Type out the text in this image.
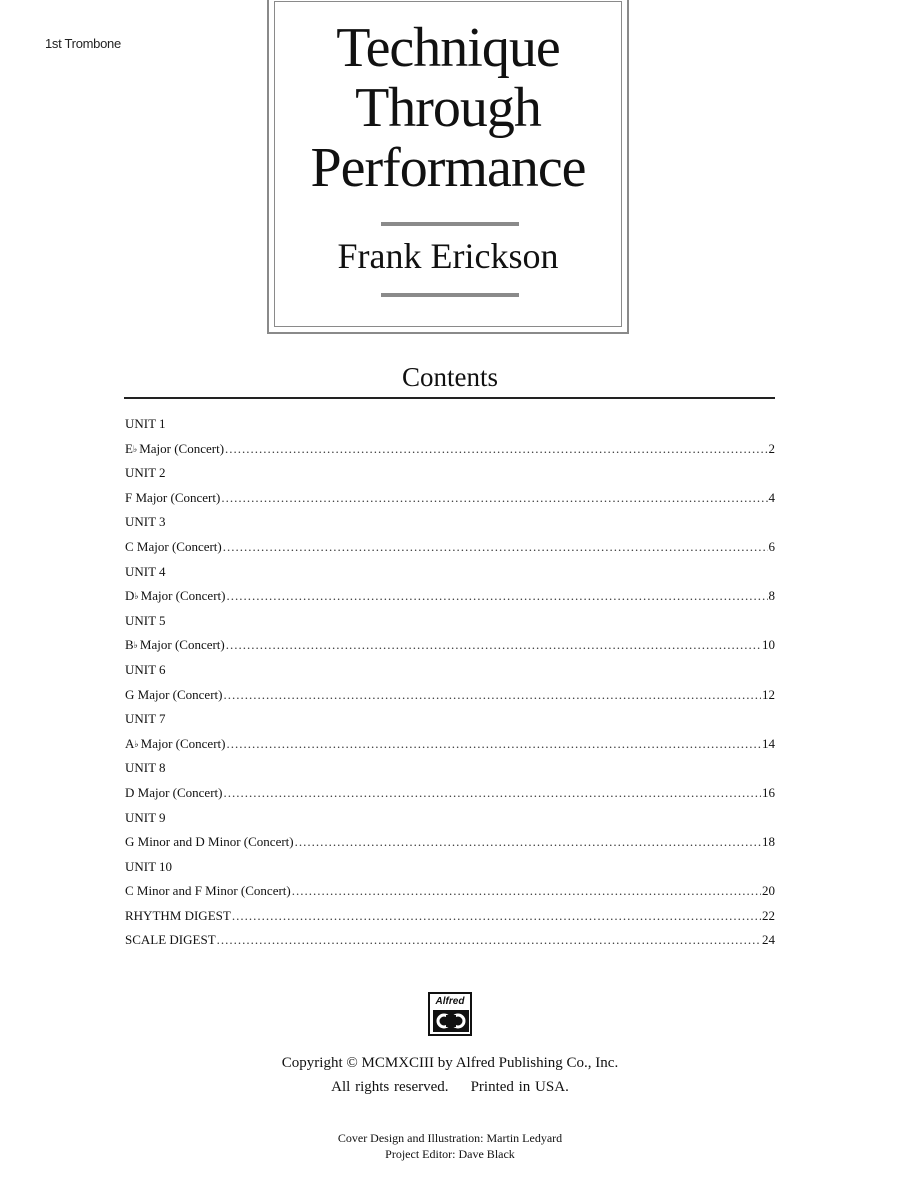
1st Trombone	Technique
Through
Performance
Frank Erickson
Contents
UNIT 1
E♭ Major (Concert) .....	2
UNIT 2
F Major (Concert) .....	4
UNIT 3
C Major (Concert) .....	6
UNIT 4
D♭ Major (Concert) .....	8
UNIT 5
B♭ Major (Concert) .....	10
UNIT 6
G Major (Concert) .....	12
UNIT 7
A♭ Major (Concert) .....	14
UNIT 8
D Major (Concert) .....	16
UNIT 9
G Minor and D Minor (Concert) .....	18
UNIT 10
C Minor and F Minor (Concert) .....	20
RHYTHM DIGEST .....	22
SCALE DIGEST .....	24
Alfred
Copyright © MCMXCIII by Alfred Publishing Co., Inc.
All rights reserved. Printed in USA.
Cover Design and Illustration: Martin Ledyard
Project Editor: Dave Black
